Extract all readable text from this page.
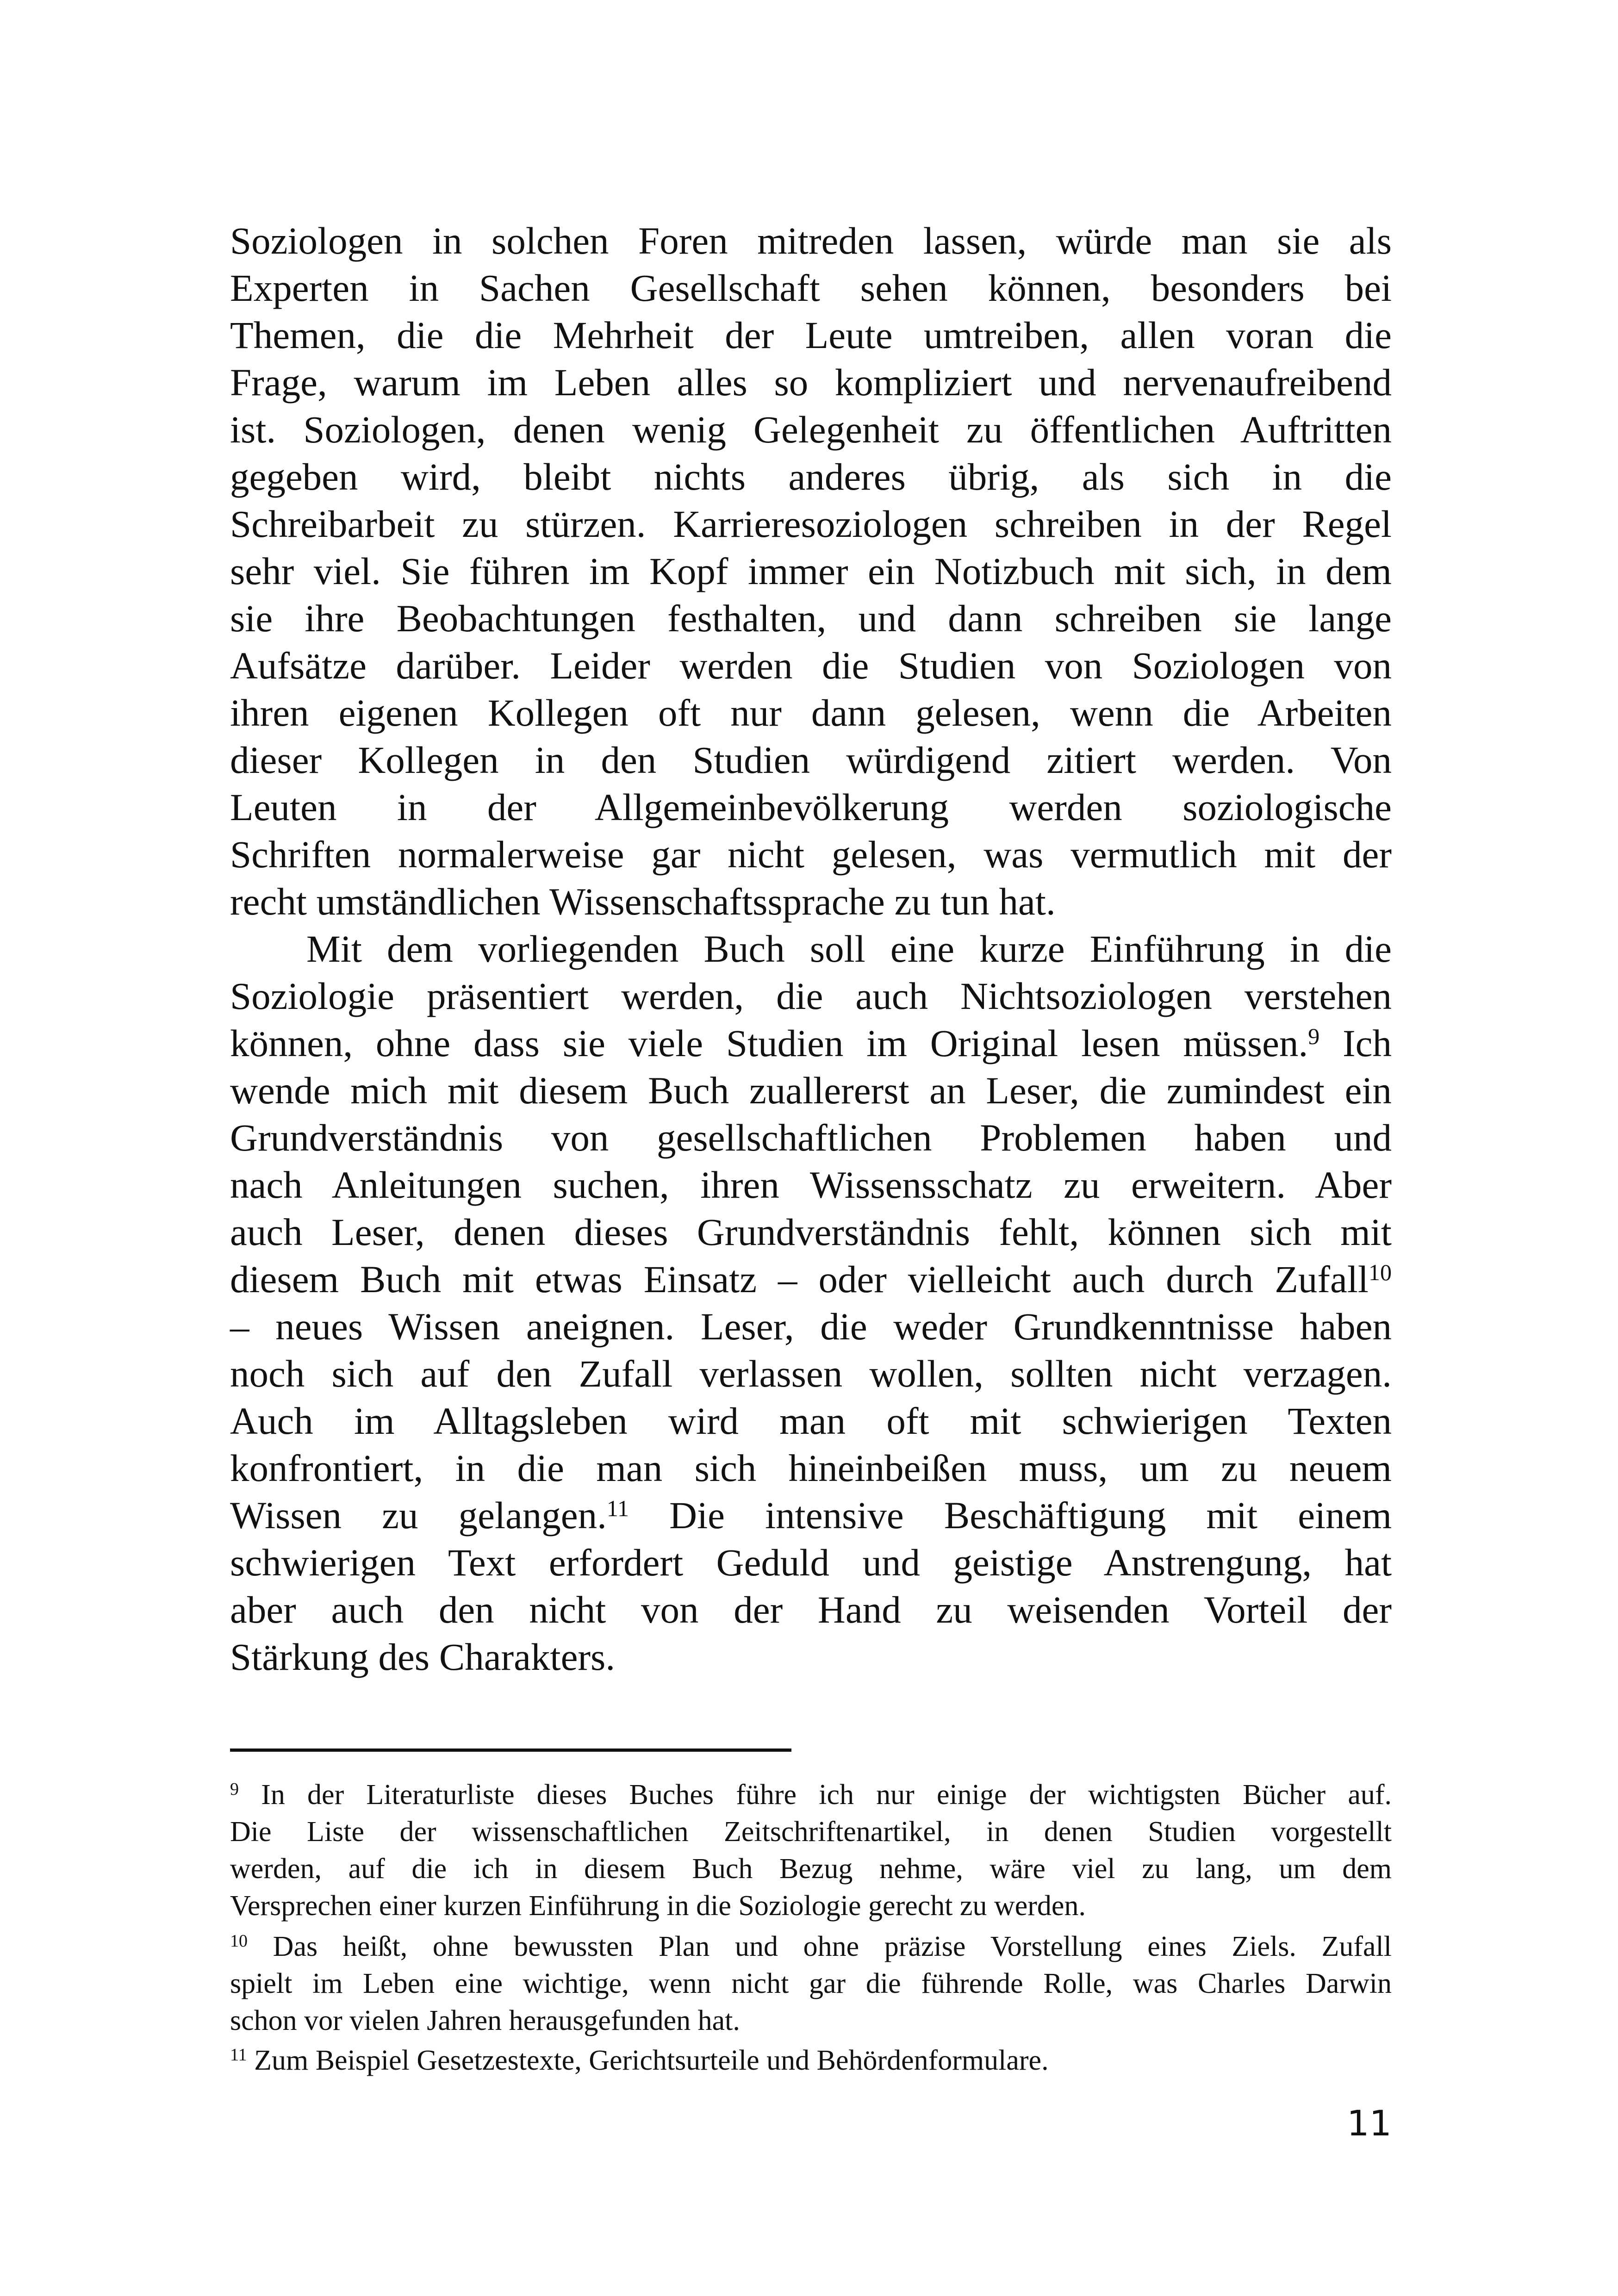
Soziologen in solchen Foren mitreden lassen, würde man sie als
Experten in Sachen Gesellschaft sehen können, besonders bei
Themen, die die Mehrheit der Leute umtreiben, allen voran die
Frage, warum im Leben alles so kompliziert und nervenaufreibend
ist. Soziologen, denen wenig Gelegenheit zu öffentlichen Auftritten
gegeben wird, bleibt nichts anderes übrig, als sich in die
Schreibarbeit zu stürzen. Karrieresoziologen schreiben in der Regel
sehr viel. Sie führen im Kopf immer ein Notizbuch mit sich, in dem
sie ihre Beobachtungen festhalten, und dann schreiben sie lange
Aufsätze darüber. Leider werden die Studien von Soziologen von
ihren eigenen Kollegen oft nur dann gelesen, wenn die Arbeiten
dieser Kollegen in den Studien würdigend zitiert werden. Von
Leuten in der Allgemeinbevölkerung werden soziologische
Schriften normalerweise gar nicht gelesen, was vermutlich mit der
recht umständlichen Wissenschaftssprache zu tun hat.
Mit dem vorliegenden Buch soll eine kurze Einführung in die
Soziologie präsentiert werden, die auch Nichtsoziologen verstehen
können, ohne dass sie viele Studien im Original lesen müssen.$^9$ Ich
wende mich mit diesem Buch zuallererst an Leser, die zumindest ein
Grundverständnis von gesellschaftlichen Problemen haben und
nach Anleitungen suchen, ihren Wissensschatz zu erweitern. Aber
auch Leser, denen dieses Grundverständnis fehlt, können sich mit
diesem Buch mit etwas Einsatz – oder vielleicht auch durch Zufall$^{10}$
– neues Wissen aneignen. Leser, die weder Grundkenntnisse haben
noch sich auf den Zufall verlassen wollen, sollten nicht verzagen.
Auch im Alltagsleben wird man oft mit schwierigen Texten
konfrontiert, in die man sich hineinbeißen muss, um zu neuem
Wissen zu gelangen.$^{11}$ Die intensive Beschäftigung mit einem
schwierigen Text erfordert Geduld und geistige Anstrengung, hat
aber auch den nicht von der Hand zu weisenden Vorteil der
Stärkung des Charakters.
$^9$ In der Literaturliste dieses Buches führe ich nur einige der wichtigsten Bücher auf.
Die Liste der wissenschaftlichen Zeitschriftenartikel, in denen Studien vorgestellt
werden, auf die ich in diesem Buch Bezug nehme, wäre viel zu lang, um dem
Versprechen einer kurzen Einführung in die Soziologie gerecht zu werden.
$^{10}$ Das heißt, ohne bewussten Plan und ohne präzise Vorstellung eines Ziels. Zufall
spielt im Leben eine wichtige, wenn nicht gar die führende Rolle, was Charles Darwin
schon vor vielen Jahren herausgefunden hat.
$^{11}$ Zum Beispiel Gesetzestexte, Gerichtsurteile und Behördenformulare.
11
